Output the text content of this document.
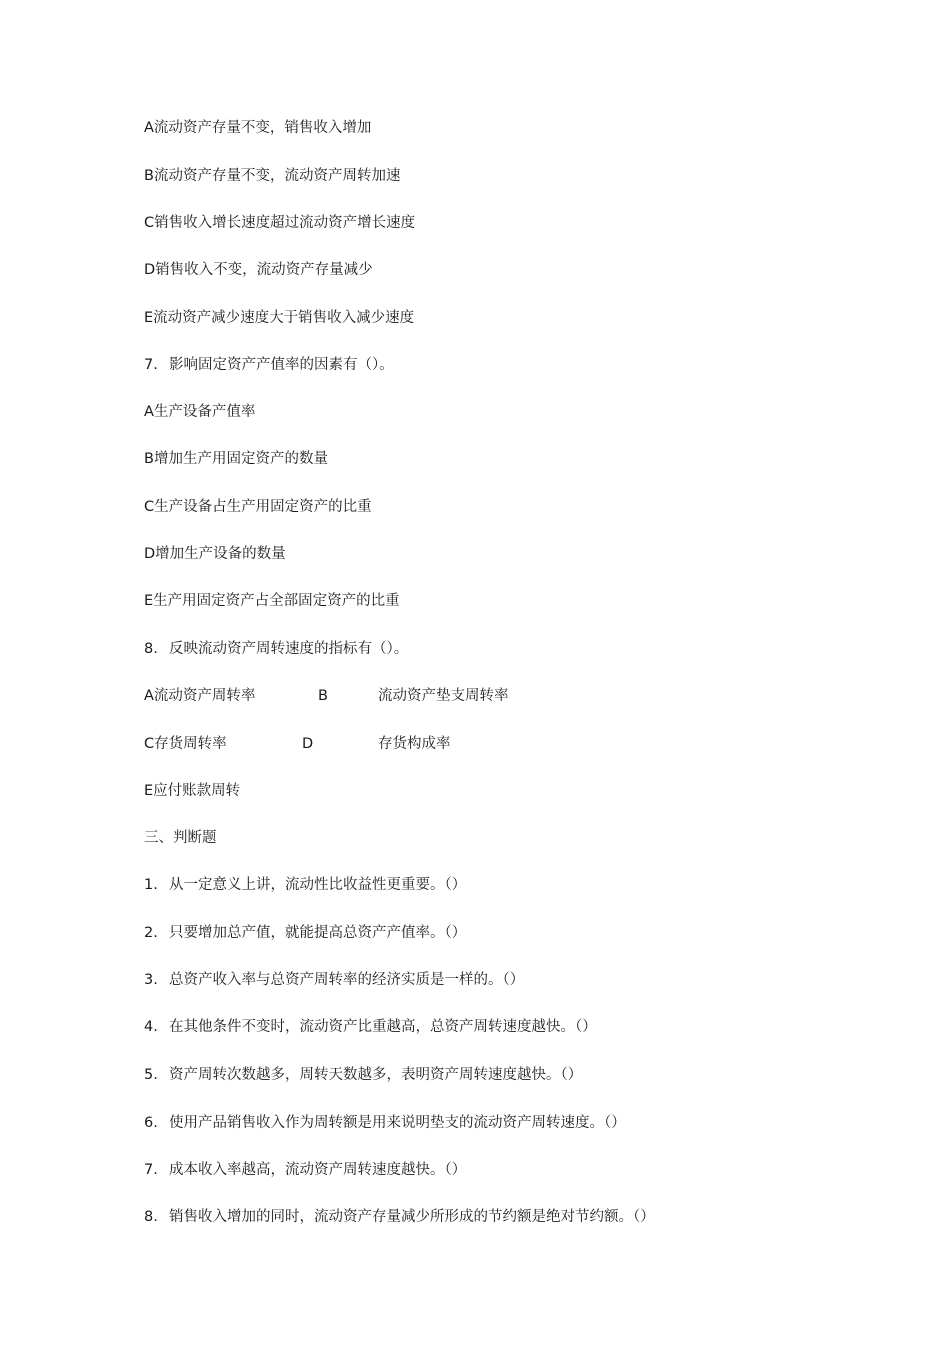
A流动资产存量不变，销售收入增加
B流动资产存量不变，流动资产周转加速
C销售收入增长速度超过流动资产增长速度
D销售收入不变，流动资产存量减少
E流动资产减少速度大于销售收入减少速度
7. 影响固定资产产值率的因素有（）。
A生产设备产值率
B增加生产用固定资产的数量
C生产设备占生产用固定资产的比重
D增加生产设备的数量
E生产用固定资产占全部固定资产的比重
8. 反映流动资产周转速度的指标有（）。
A流动资产周转率	B	流动资产垫支周转率
C存货周转率	D	存货构成率
E应付账款周转
三、判断题
1. 从一定意义上讲，流动性比收益性更重要。（）
2. 只要增加总产值，就能提高总资产产值率。（）
3. 总资产收入率与总资产周转率的经济实质是一样的。（）
4. 在其他条件不变时，流动资产比重越高，总资产周转速度越快。（）
5. 资产周转次数越多，周转天数越多，表明资产周转速度越快。（）
6. 使用产品销售收入作为周转额是用来说明垫支的流动资产周转速度。（）
7. 成本收入率越高，流动资产周转速度越快。（）
8. 销售收入增加的同时，流动资产存量减少所形成的节约额是绝对节约额。（）
